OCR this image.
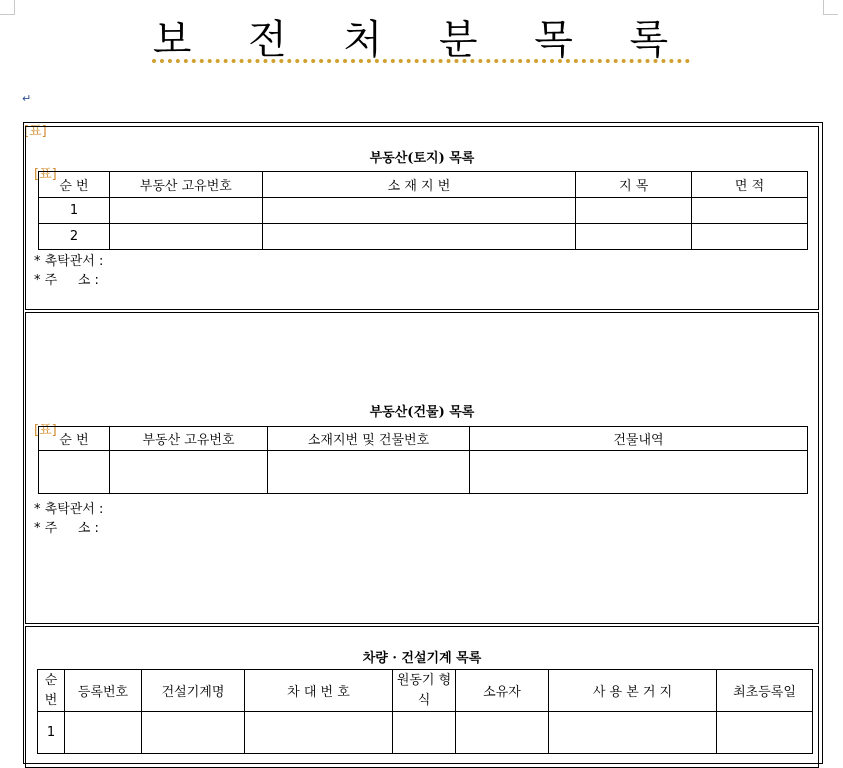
보 전 처 분 목 록
↵
[표]
부동산(토지) 목록
[표]
순 번	부동산 고유번호	소 재 지 번	지 목	면 적
1				
2				
* 촉탁관서 :
* 주     소 :
부동산(건물) 목록
[표]
순 번	부동산 고유번호	소재지번 및 건물번호	건물내역

* 촉탁관서 :
* 주     소 :
차량 · 건설기계 목록
순 번	등록번호	건설기계명	차 대 번 호	원동기 형식	소유자	사 용 본 거 지	최초등록일
1							
